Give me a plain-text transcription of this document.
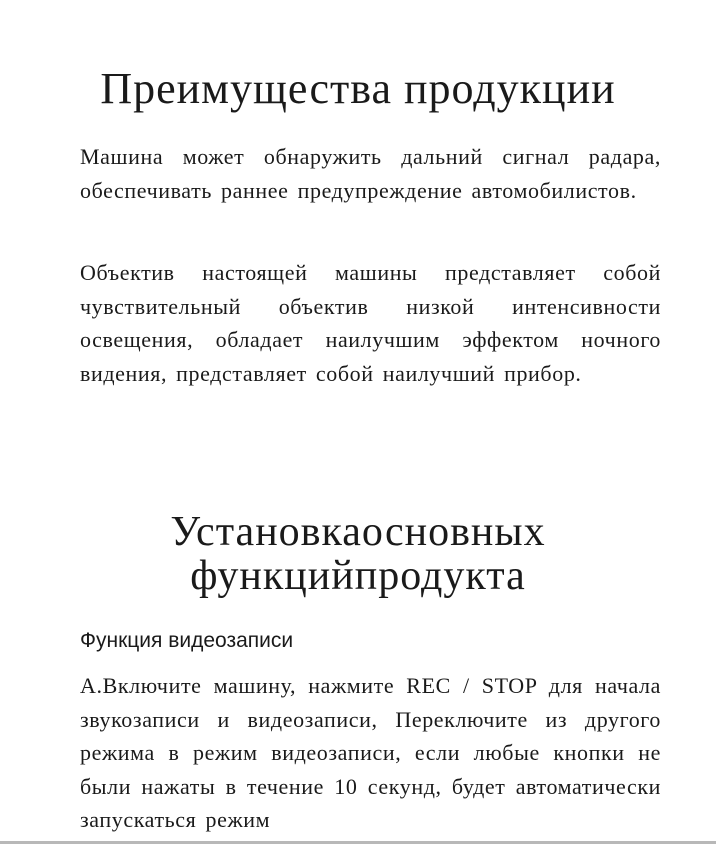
Преимущества продукции

Машина может обнаружить дальний сигнал радара, обеспечивать раннее предупреждение автомобилистов.

Объектив настоящей машины представляет собой чувствительный объектив низкой интенсивности освещения, обладает наилучшим эффектом ночного видения, представляет собой наилучший прибор.

Установкаосновных
функцийпродукта
Функция видеозаписи

A.Включите машину, нажмите REC / STOP для начала звукозаписи и видеозаписи, Переключите из другого режима в режим видеозаписи, если любые кнопки не были нажаты в течение 10 секунд, будет автоматически запускаться режим
